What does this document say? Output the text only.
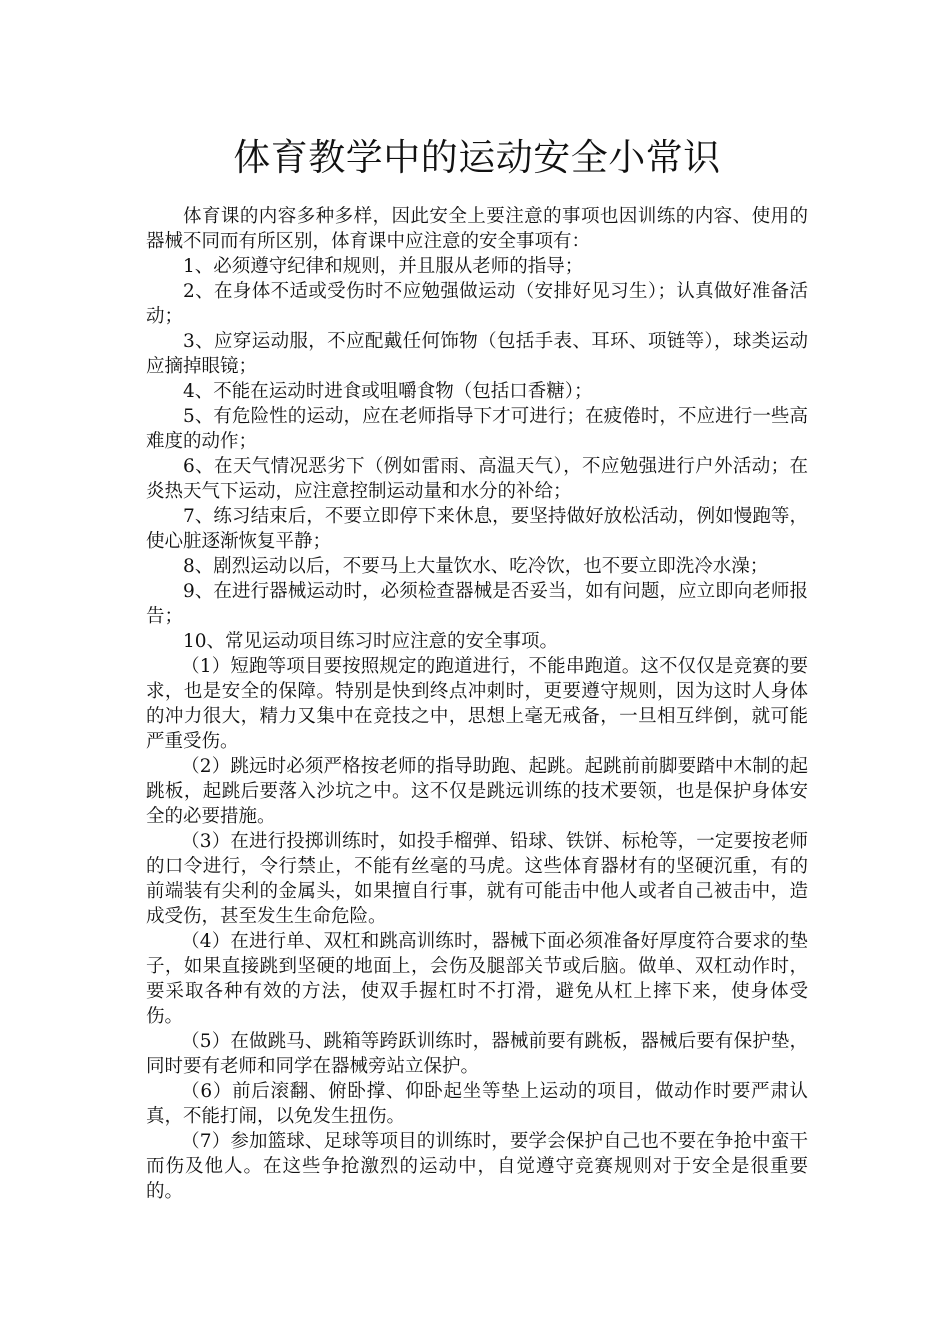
体育教学中的运动安全小常识

体育课的内容多种多样，因此安全上要注意的事项也因训练的内容、使用的器械不同而有所区别，体育课中应注意的安全事项有：

1、必须遵守纪律和规则，并且服从老师的指导；

2、在身体不适或受伤时不应勉强做运动（安排好见习生）；认真做好准备活动；

3、应穿运动服，不应配戴任何饰物（包括手表、耳环、项链等），球类运动应摘掉眼镜；

4、不能在运动时进食或咀嚼食物（包括口香糖）；

5、有危险性的运动，应在老师指导下才可进行；在疲倦时，不应进行一些高难度的动作；

6、在天气情况恶劣下（例如雷雨、高温天气），不应勉强进行户外活动；在炎热天气下运动，应注意控制运动量和水分的补给；

7、练习结束后，不要立即停下来休息，要坚持做好放松活动，例如慢跑等，使心脏逐渐恢复平静；

8、剧烈运动以后，不要马上大量饮水、吃冷饮，也不要立即洗冷水澡；

9、在进行器械运动时，必须检查器械是否妥当，如有问题，应立即向老师报告；

10、常见运动项目练习时应注意的安全事项。

（1）短跑等项目要按照规定的跑道进行，不能串跑道。这不仅仅是竞赛的要求，也是安全的保障。特别是快到终点冲刺时，更要遵守规则，因为这时人身体的冲力很大，精力又集中在竞技之中，思想上毫无戒备，一旦相互绊倒，就可能严重受伤。

（2）跳远时必须严格按老师的指导助跑、起跳。起跳前前脚要踏中木制的起跳板，起跳后要落入沙坑之中。这不仅是跳远训练的技术要领，也是保护身体安全的必要措施。

（3）在进行投掷训练时，如投手榴弹、铅球、铁饼、标枪等，一定要按老师的口令进行，令行禁止，不能有丝毫的马虎。这些体育器材有的坚硬沉重，有的前端装有尖利的金属头，如果擅自行事，就有可能击中他人或者自己被击中，造成受伤，甚至发生生命危险。

（4）在进行单、双杠和跳高训练时，器械下面必须准备好厚度符合要求的垫子，如果直接跳到坚硬的地面上，会伤及腿部关节或后脑。做单、双杠动作时，要采取各种有效的方法，使双手握杠时不打滑，避免从杠上摔下来，使身体受伤。

（5）在做跳马、跳箱等跨跃训练时，器械前要有跳板，器械后要有保护垫，同时要有老师和同学在器械旁站立保护。

（6）前后滚翻、俯卧撑、仰卧起坐等垫上运动的项目，做动作时要严肃认真，不能打闹，以免发生扭伤。

（7）参加篮球、足球等项目的训练时，要学会保护自己也不要在争抢中蛮干而伤及他人。在这些争抢激烈的运动中，自觉遵守竞赛规则对于安全是很重要的。
